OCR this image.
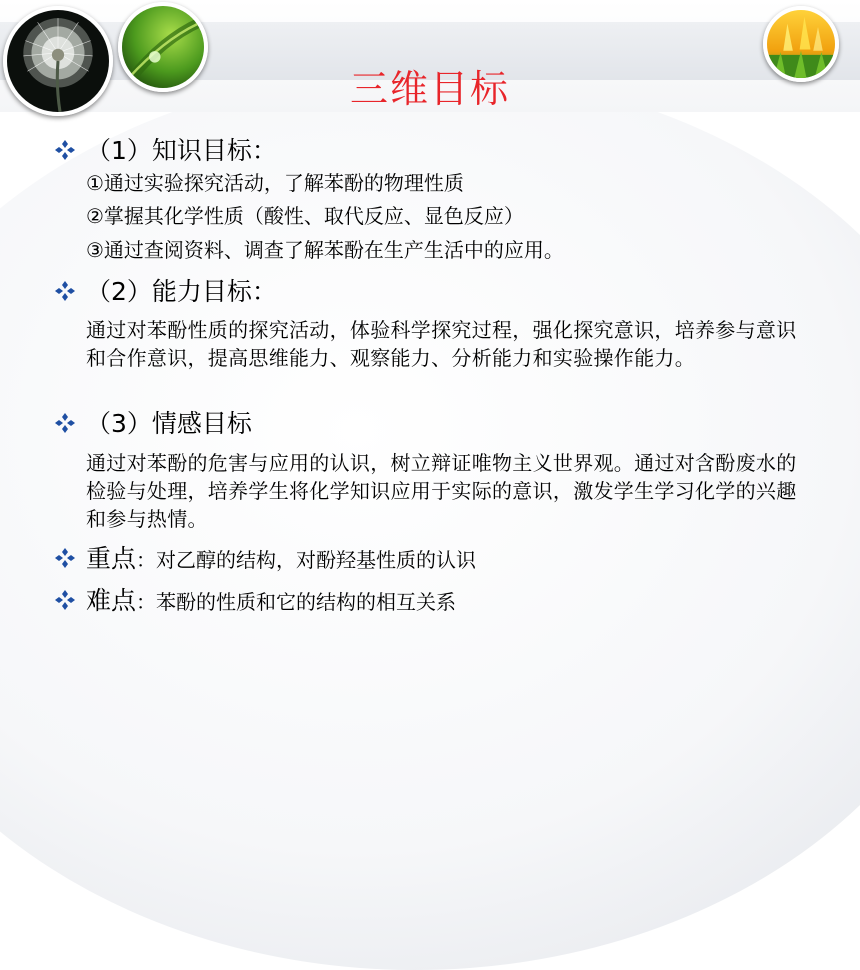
三维目标
（1）知识目标：
①通过实验探究活动，了解苯酚的物理性质
②掌握其化学性质（酸性、取代反应、显色反应）
③通过查阅资料、调查了解苯酚在生产生活中的应用。
（2）能力目标：
通过对苯酚性质的探究活动，体验科学探究过程，强化探究意识，培养参与意识和合作意识，提高思维能力、观察能力、分析能力和实验操作能力。
（3）情感目标
通过对苯酚的危害与应用的认识，树立辩证唯物主义世界观。通过对含酚废水的检验与处理，培养学生将化学知识应用于实际的意识，激发学生学习化学的兴趣和参与热情。
重点：对乙醇的结构，对酚羟基性质的认识
难点：苯酚的性质和它的结构的相互关系
